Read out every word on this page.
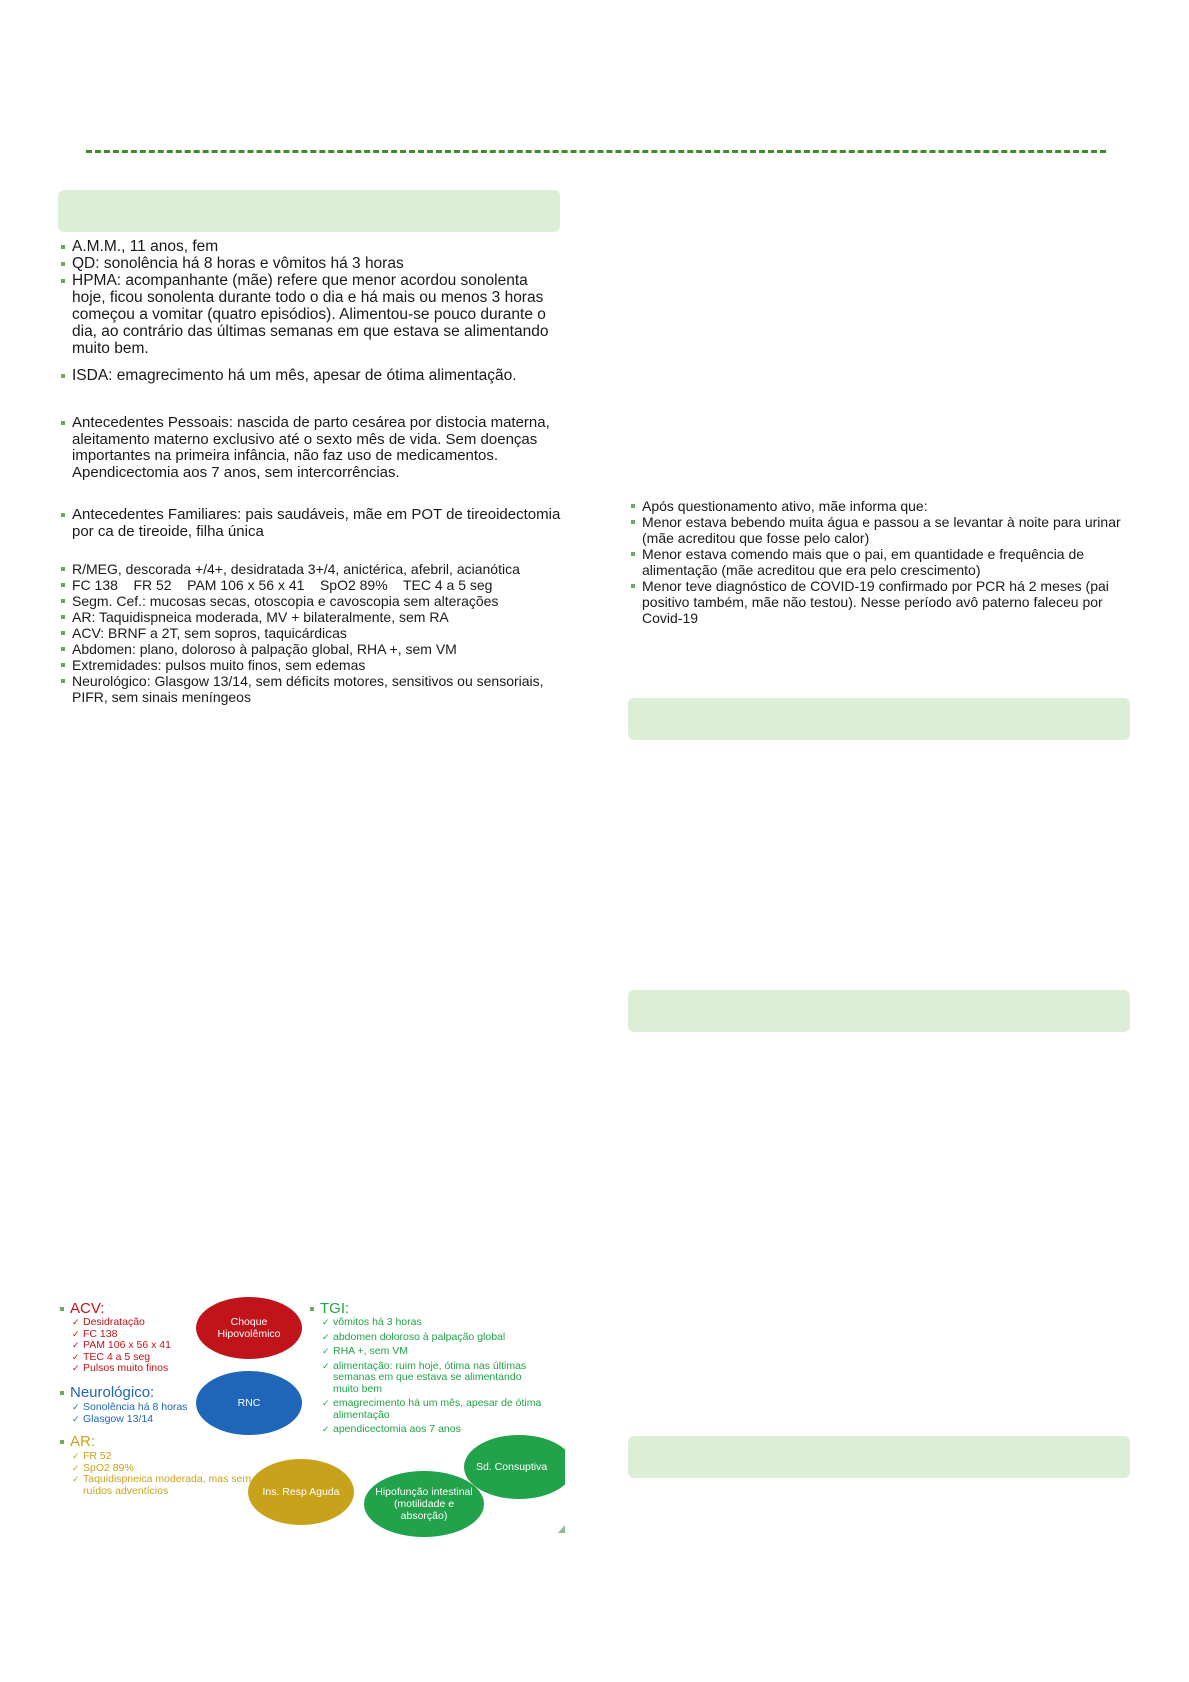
A.M.M., 11 anos, fem
QD: sonolência há 8 horas e vômitos há 3 horas
HPMA: acompanhante (mãe) refere que menor acordou sonolenta hoje, ficou sonolenta durante todo o dia e há mais ou menos 3 horas começou a vomitar (quatro episódios). Alimentou-se pouco durante o dia, ao contrário das últimas semanas em que estava se alimentando muito bem.
ISDA: emagrecimento há um mês, apesar de ótima alimentação.
Antecedentes Pessoais: nascida de parto cesárea por distocia materna, aleitamento materno exclusivo até o sexto mês de vida. Sem doenças importantes na primeira infância, não faz uso de medicamentos. Apendicectomia aos 7 anos, sem intercorrências.
Antecedentes Familiares: pais saudáveis, mãe em POT de tireoidectomia por ca de tireoide, filha única
R/MEG, descorada +/4+, desidratada 3+/4, anictérica, afebril, acianótica
FC 138    FR 52    PAM 106 x 56 x 41    SpO2 89%    TEC 4 a 5 seg
Segm. Cef.: mucosas secas, otoscopia e cavoscopia sem alterações
AR: Taquidispneica moderada, MV + bilateralmente, sem RA
ACV: BRNF a 2T, sem sopros, taquicárdicas
Abdomen: plano, doloroso à palpação global, RHA +, sem VM
Extremidades: pulsos muito finos, sem edemas
Neurológico: Glasgow 13/14, sem déficits motores, sensitivos ou sensoriais, PIFR, sem sinais meníngeos
Após questionamento ativo, mãe informa que:
Menor estava bebendo muita água e passou a se levantar à noite para urinar (mãe acreditou que fosse pelo calor)
Menor estava comendo mais que o pai, em quantidade e frequência de alimentação (mãe acreditou que era pelo crescimento)
Menor teve diagnóstico de COVID-19 confirmado por PCR há 2 meses (pai positivo também, mãe não testou). Nesse período avô paterno faleceu por Covid-19
Choque Hipovolêmico
RNC
Ins. Resp Aguda	Hipofunção intestinal (motilidade e absorção)
Sd. Consuptiva
ACV:
✓ Desidratação
✓ FC 138
✓ PAM 106 x 56 x 41
✓ TEC 4 a 5 seg
✓ Pulsos muito finos
Neurológico:
✓ Sonolência há 8 horas
✓ Glasgow 13/14
AR:
✓ FR 52
✓ SpO2 89%
✓ Taquidispneica moderada, mas sem ruídos adventícios
TGI:
✓ vômitos há 3 horas
✓ abdomen doloroso à palpação global
✓ RHA +, sem VM
✓ alimentação: ruim hoje, ótima nas últimas semanas em que estava se alimentando muito bem
✓ emagrecimento há um mês, apesar de ótima alimentação
✓ apendicectomia aos 7 anos
